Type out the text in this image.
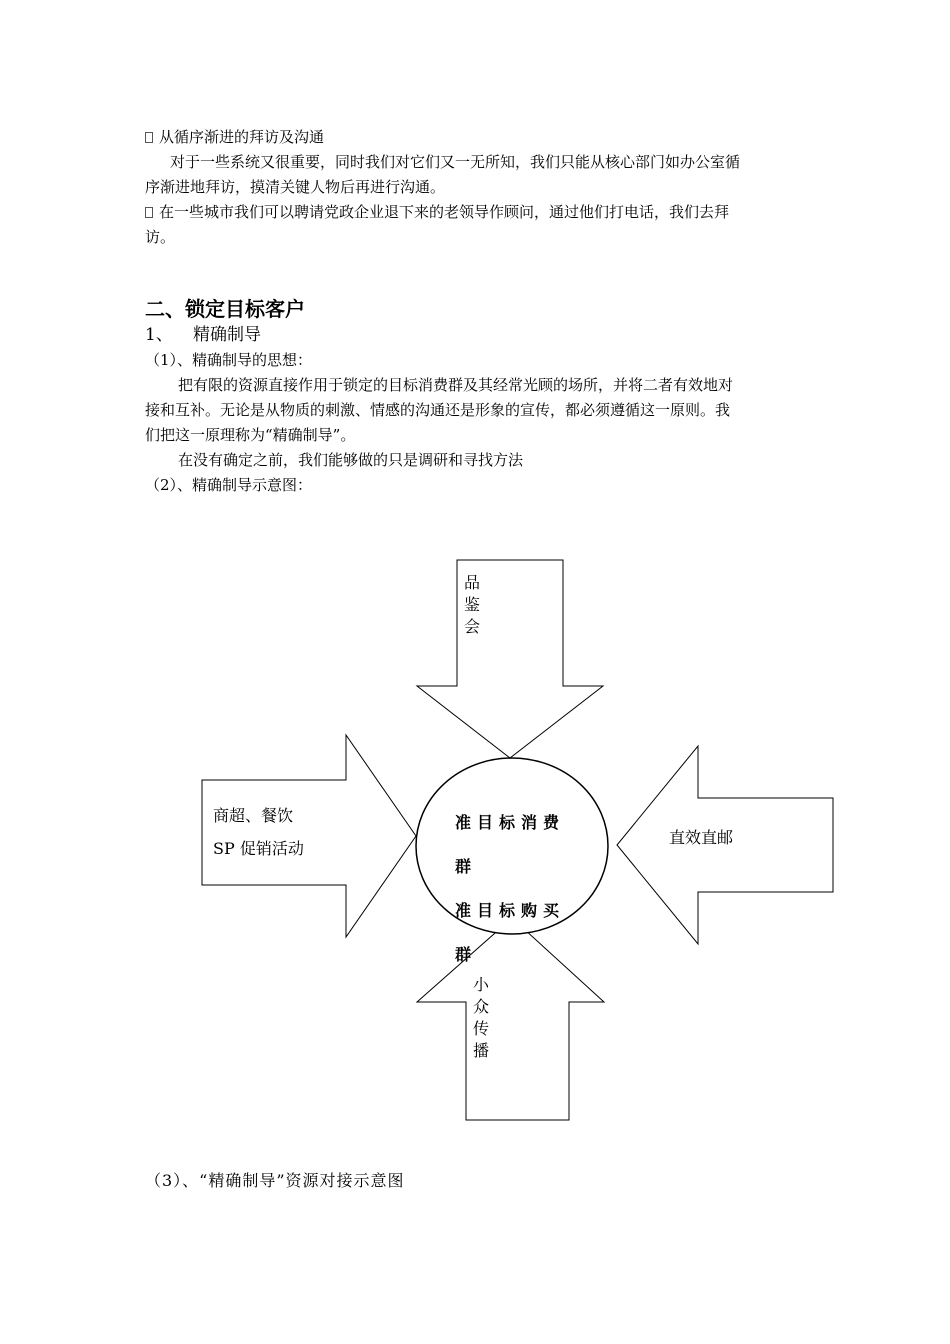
从循序渐进的拜访及沟通
对于一些系统又很重要，同时我们对它们又一无所知，我们只能从核心部门如办公室循
序渐进地拜访，摸清关键人物后再进行沟通。
在一些城市我们可以聘请党政企业退下来的老领导作顾问，通过他们打电话，我们去拜
访。
二、锁定目标客户
1、 精确制导
（1）、精确制导的思想：
把有限的资源直接作用于锁定的目标消费群及其经常光顾的场所，并将二者有效地对
接和互补。无论是从物质的刺激、情感的沟通还是形象的宣传，都必须遵循这一原则。我
们把这一原理称为“精确制导”。
在没有确定之前，我们能够做的只是调研和寻找方法
（2）、精确制导示意图：
品鉴会
商超、餐饮
SP 促销活动
直效直邮
小众传播
准目标消费
群
准目标购买
群
（3）、“精确制导”资源对接示意图
